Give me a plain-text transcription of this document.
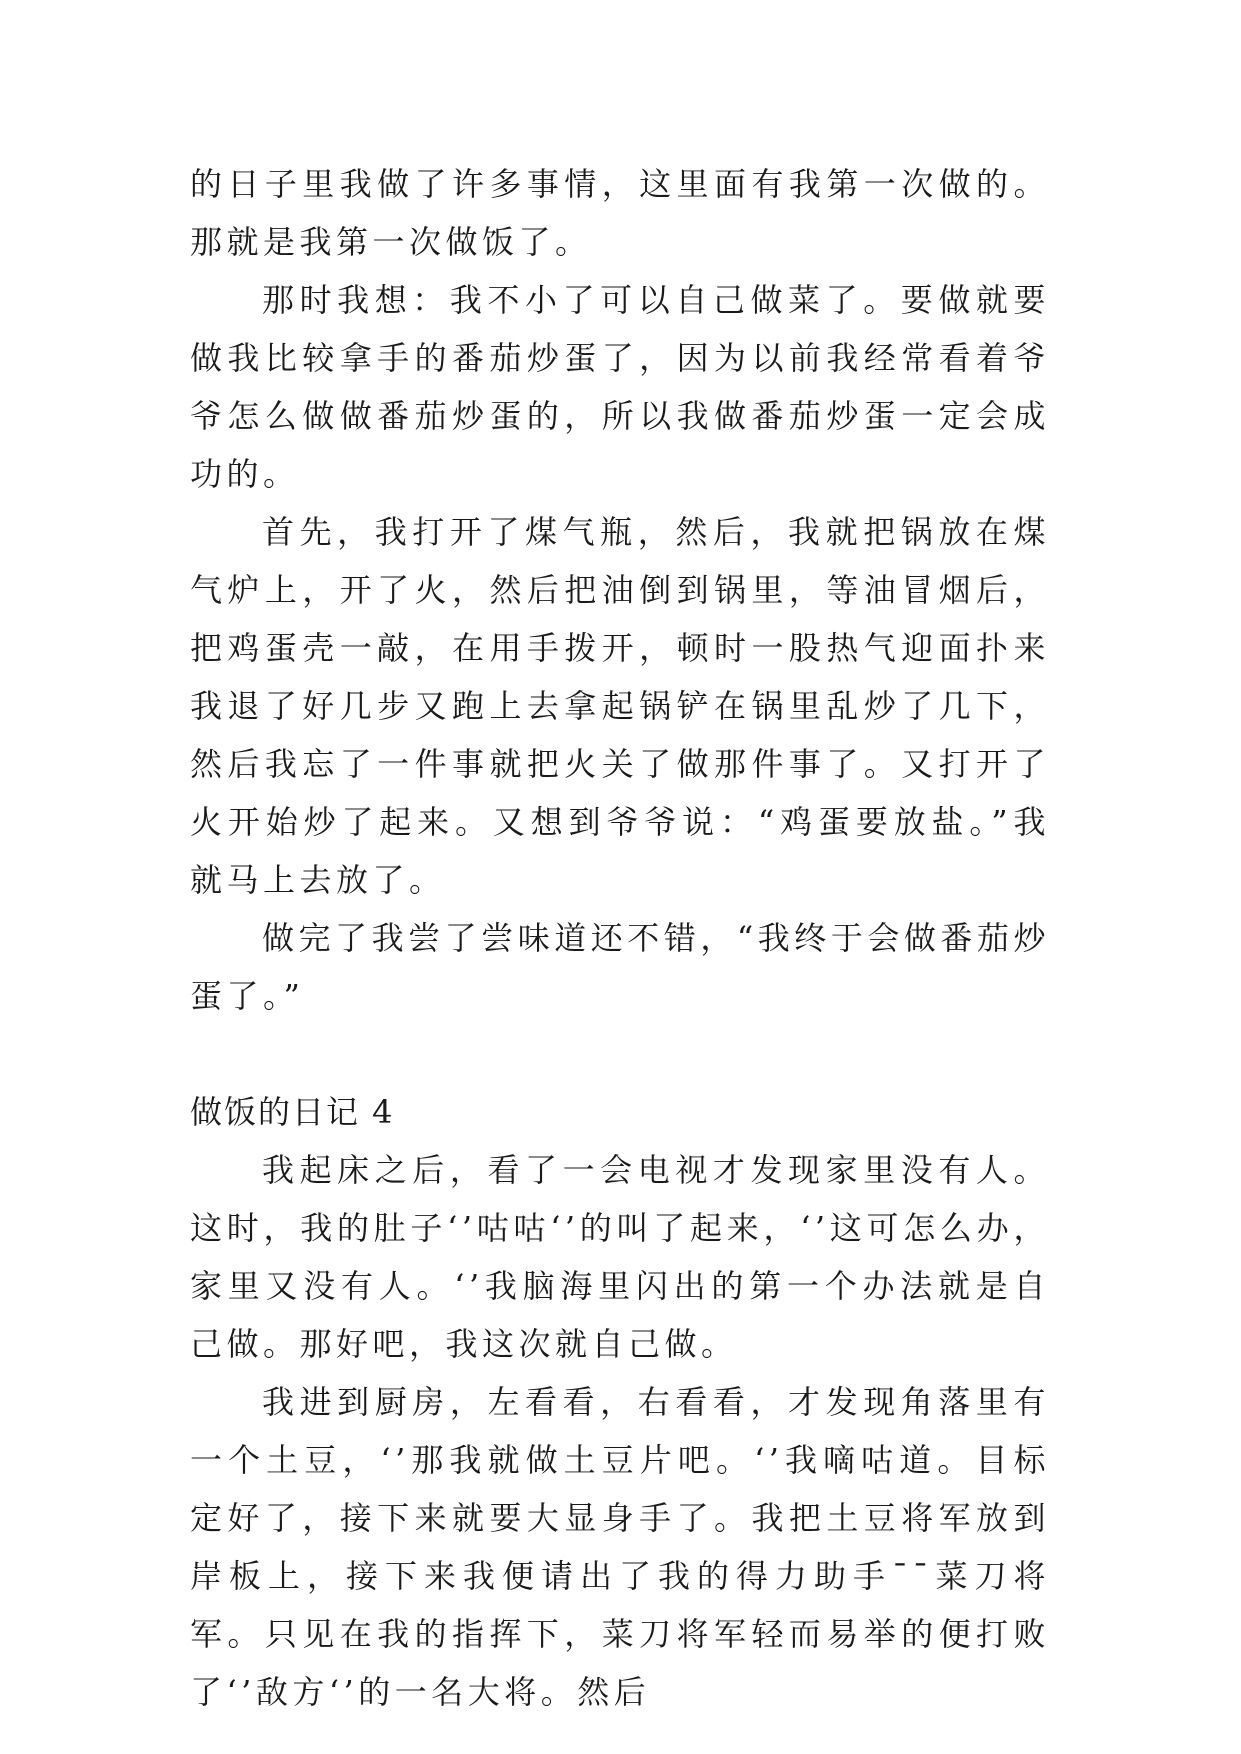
的日子里我做了许多事情，这里面有我第一次做的。那就是我第一次做饭了。

那时我想：我不小了可以自己做菜了。要做就要做我比较拿手的番茄炒蛋了，因为以前我经常看着爷爷怎么做做番茄炒蛋的，所以我做番茄炒蛋一定会成功的。

首先，我打开了煤气瓶，然后，我就把锅放在煤气炉上，开了火，然后把油倒到锅里，等油冒烟后，把鸡蛋壳一敲，在用手拨开，顿时一股热气迎面扑来我退了好几步又跑上去拿起锅铲在锅里乱炒了几下，然后我忘了一件事就把火关了做那件事了。又打开了火开始炒了起来。又想到爷爷说：“鸡蛋要放盐。”我就马上去放了。

做完了我尝了尝味道还不错，“我终于会做番茄炒蛋了。”

做饭的日记 4

我起床之后，看了一会电视才发现家里没有人。这时，我的肚子‘’咕咕‘’的叫了起来，‘’这可怎么办，家里又没有人。‘’我脑海里闪出的第一个办法就是自己做。那好吧，我这次就自己做。

我进到厨房，左看看，右看看，才发现角落里有一个土豆，‘’那我就做土豆片吧。‘’我嘀咕道。目标定好了，接下来就要大显身手了。我把土豆将军放到岸板上，接下来我便请出了我的得力助手¯¯菜刀将军。只见在我的指挥下，菜刀将军轻而易举的便打败了‘’敌方‘’的一名大将。然后
